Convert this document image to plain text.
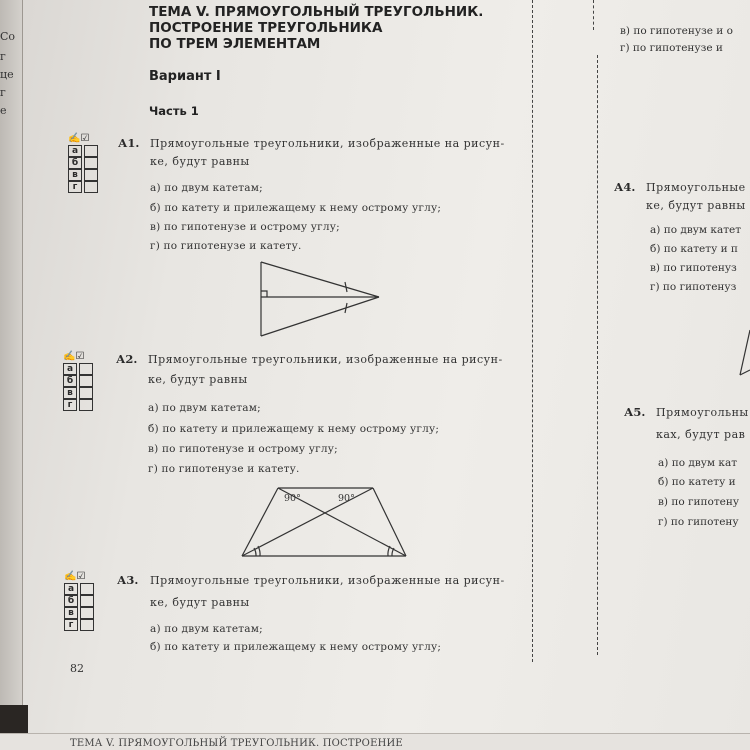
Co
г
це
г
е
ТЕМА V. ПРЯМОУГОЛЬНЫЙ ТРЕУГОЛЬНИК.
ПОСТРОЕНИЕ ТРЕУГОЛЬНИКА
ПО ТРЕМ ЭЛЕМЕНТАМ
Вариант I
Часть 1
✍☑
а
б
в
г
А1. Прямоугольные треугольники, изображенные на рисун-
ке, будут равны
а) по двум катетам;
б) по катету и прилежащему к нему острому углу;
в) по гипотенузе и острому углу;
г) по гипотенузе и катету.
✍☑
а
б
в
г
А2. Прямоугольные треугольники, изображенные на рисун-
ке, будут равны
а) по двум катетам;
б) по катету и прилежащему к нему острому углу;
в) по гипотенузе и острому углу;
г) по гипотенузе и катету.
90°	90°
✍☑
а
б
в
г
А3. Прямоугольные треугольники, изображенные на рисун-
ке, будут равны
а) по двум катетам;
б) по катету и прилежащему к нему острому углу;
82
в) по гипотенузе и о
г) по гипотенузе и
А4. Прямоугольные
ке, будут равны
а) по двум катет
б) по катету и п
в) по гипотенуз
г) по гипотенуз
А5. Прямоугольны
ках, будут рав
а) по двум кат
б) по катету и
в) по гипотену
г) по гипотену
ТЕМА V. ПРЯМОУГОЛЬНЫЙ ТРЕУГОЛЬНИК. ПОСТРОЕНИЕ
